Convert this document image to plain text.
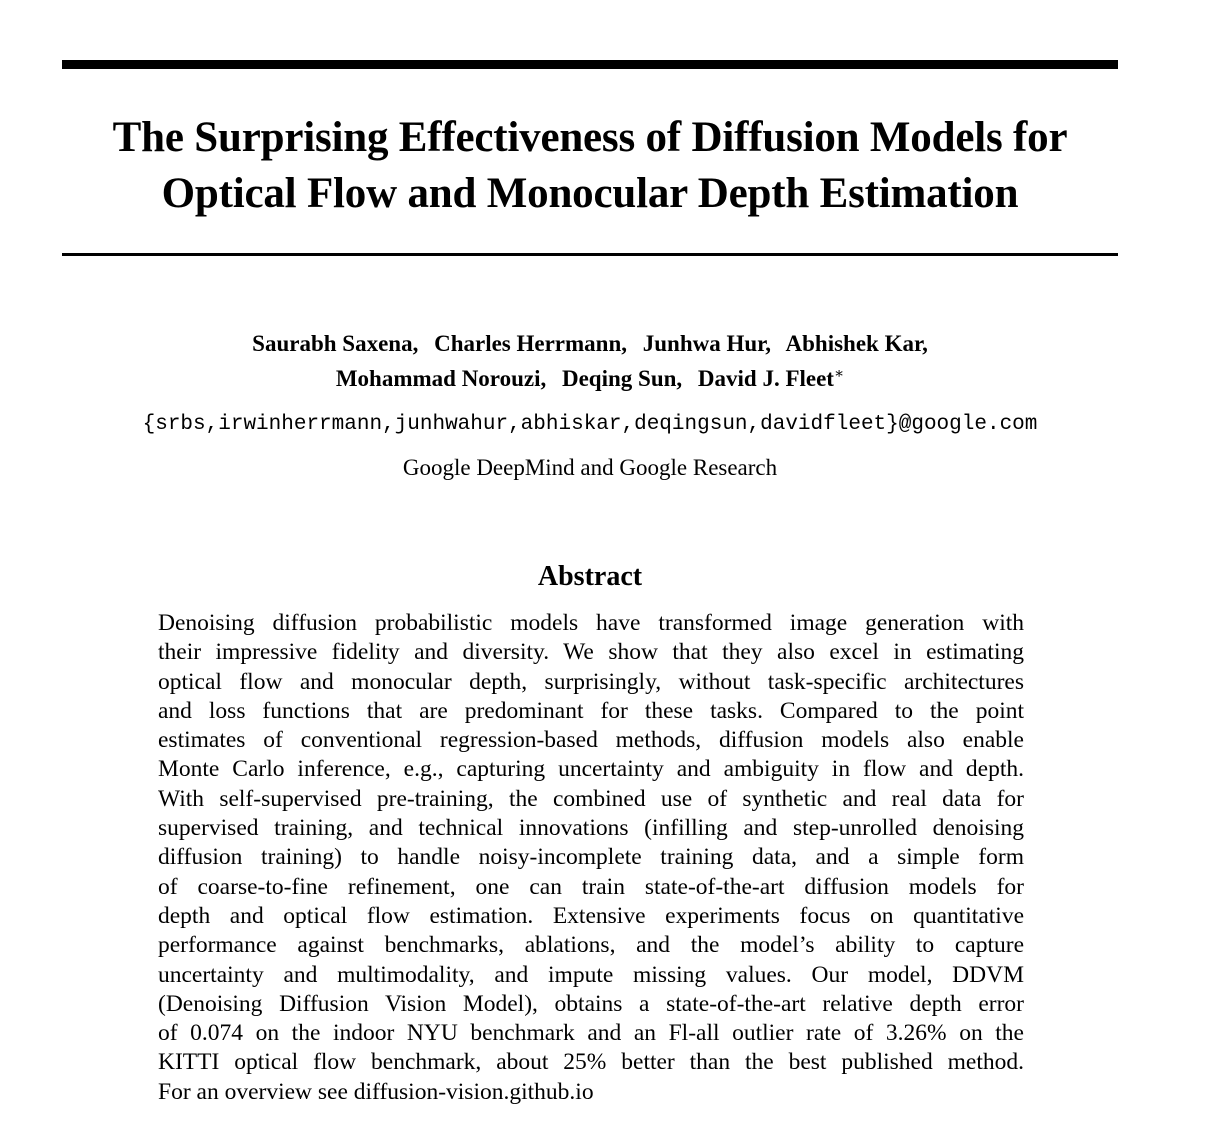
The Surprising Effectiveness of Diffusion Models for
Optical Flow and Monocular Depth Estimation
Saurabh Saxena, Charles Herrmann, Junhwa Hur, Abhishek Kar,
Mohammad Norouzi, Deqing Sun, David J. Fleet∗
{srbs,irwinherrmann,junhwahur,abhiskar,deqingsun,davidfleet}@google.com
Google DeepMind and Google Research
Abstract
Denoising diffusion probabilistic models have transformed image generation with
their impressive fidelity and diversity. We show that they also excel in estimating
optical flow and monocular depth, surprisingly, without task-specific architectures
and loss functions that are predominant for these tasks. Compared to the point
estimates of conventional regression-based methods, diffusion models also enable
Monte Carlo inference, e.g., capturing uncertainty and ambiguity in flow and depth.
With self-supervised pre-training, the combined use of synthetic and real data for
supervised training, and technical innovations (infilling and step-unrolled denoising
diffusion training) to handle noisy-incomplete training data, and a simple form
of coarse-to-fine refinement, one can train state-of-the-art diffusion models for
depth and optical flow estimation. Extensive experiments focus on quantitative
performance against benchmarks, ablations, and the model’s ability to capture
uncertainty and multimodality, and impute missing values. Our model, DDVM
(Denoising Diffusion Vision Model), obtains a state-of-the-art relative depth error
of 0.074 on the indoor NYU benchmark and an Fl-all outlier rate of 3.26% on the
KITTI optical flow benchmark, about 25% better than the best published method.
For an overview see diffusion-vision.github.io
